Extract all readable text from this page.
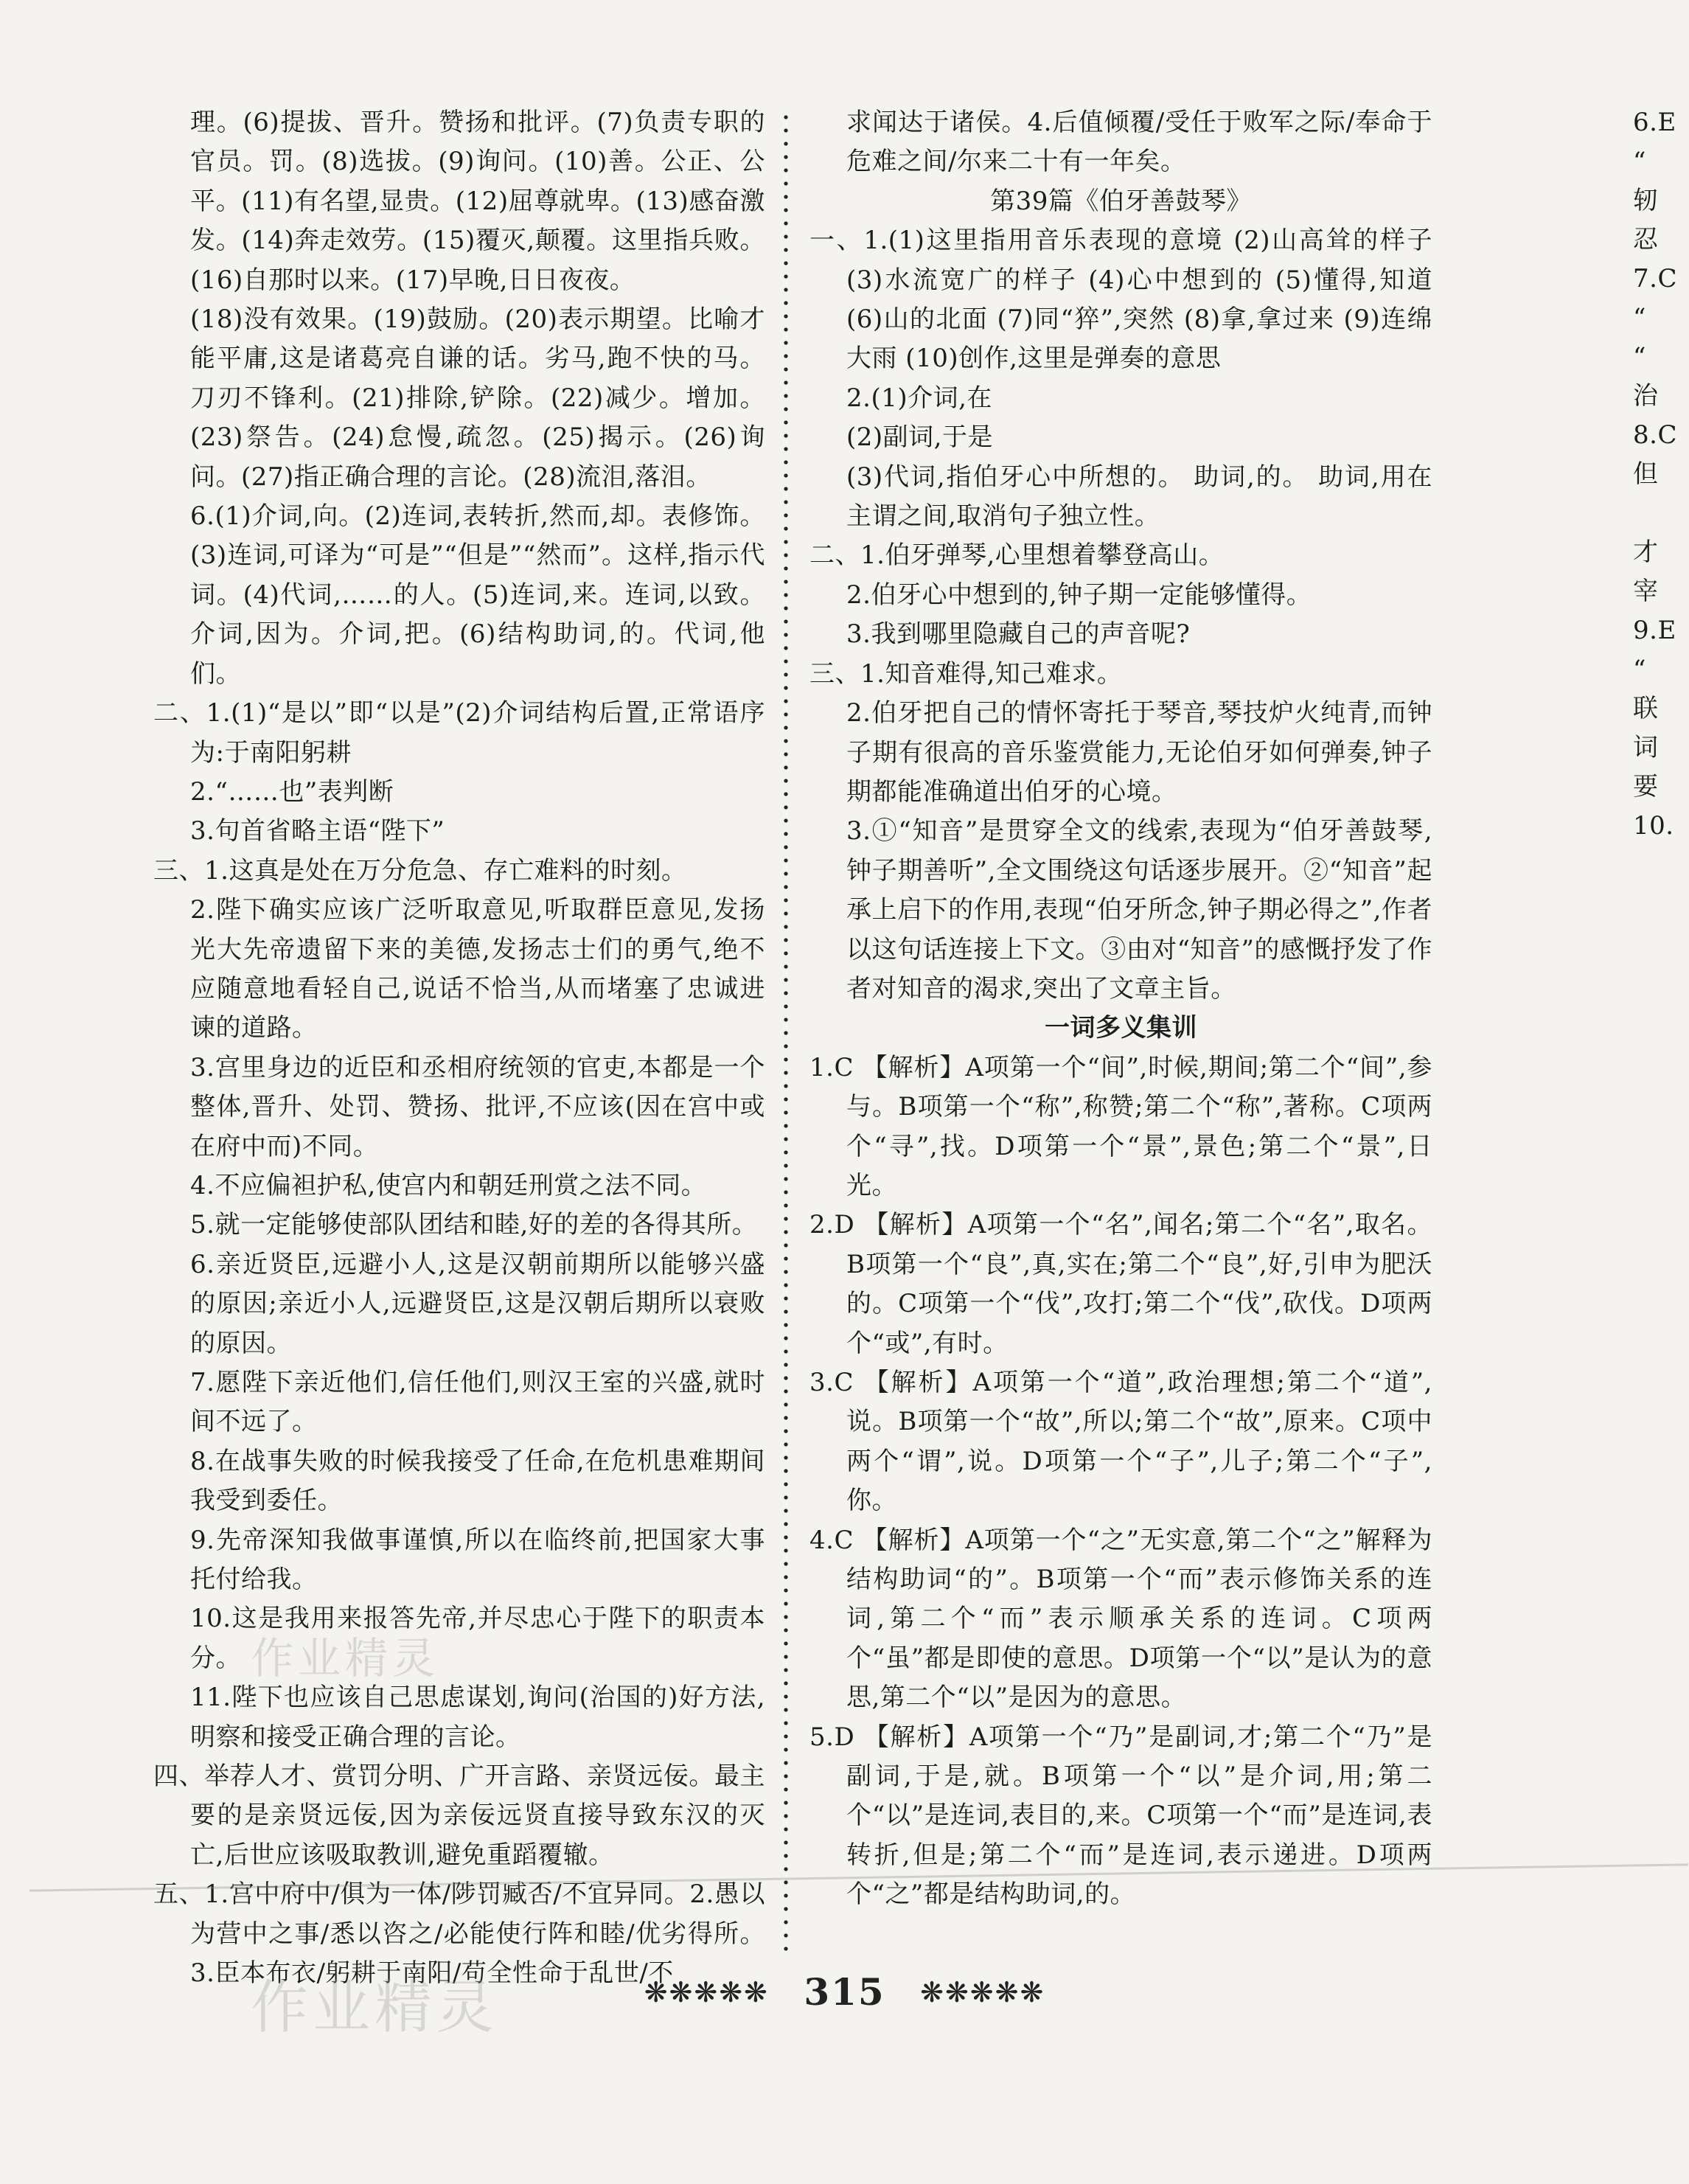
理。(6)提拔、晋升。赞扬和批评。(7)负责专职的官员。罚。(8)选拔。(9)询问。(10)善。公正、公平。(11)有名望,显贵。(12)屈尊就卑。(13)感奋激发。(14)奔走效劳。(15)覆灭,颠覆。这里指兵败。(16)自那时以来。(17)早晚,日日夜夜。

(18)没有效果。(19)鼓励。(20)表示期望。比喻才能平庸,这是诸葛亮自谦的话。劣马,跑不快的马。刀刃不锋利。(21)排除,铲除。(22)减少。增加。(23)祭告。(24)怠慢,疏忽。(25)揭示。(26)询问。(27)指正确合理的言论。(28)流泪,落泪。

6.(1)介词,向。(2)连词,表转折,然而,却。表修饰。(3)连词,可译为“可是”“但是”“然而”。这样,指示代词。(4)代词,……的人。(5)连词,来。连词,以致。介词,因为。介词,把。(6)结构助词,的。代词,他们。

二、1.(1)“是以”即“以是”(2)介词结构后置,正常语序为:于南阳躬耕

2.“……也”表判断

3.句首省略主语“陛下”

三、1.这真是处在万分危急、存亡难料的时刻。

2.陛下确实应该广泛听取意见,听取群臣意见,发扬光大先帝遗留下来的美德,发扬志士们的勇气,绝不应随意地看轻自己,说话不恰当,从而堵塞了忠诚进谏的道路。

3.宫里身边的近臣和丞相府统领的官吏,本都是一个整体,晋升、处罚、赞扬、批评,不应该(因在宫中或在府中而)不同。

4.不应偏袒护私,使宫内和朝廷刑赏之法不同。

5.就一定能够使部队团结和睦,好的差的各得其所。

6.亲近贤臣,远避小人,这是汉朝前期所以能够兴盛的原因;亲近小人,远避贤臣,这是汉朝后期所以衰败的原因。

7.愿陛下亲近他们,信任他们,则汉王室的兴盛,就时间不远了。

8.在战事失败的时候我接受了任命,在危机患难期间我受到委任。

9.先帝深知我做事谨慎,所以在临终前,把国家大事托付给我。

10.这是我用来报答先帝,并尽忠心于陛下的职责本分。

11.陛下也应该自己思虑谋划,询问(治国的)好方法,明察和接受正确合理的言论。

四、举荐人才、赏罚分明、广开言路、亲贤远佞。最主要的是亲贤远佞,因为亲佞远贤直接导致东汉的灭亡,后世应该吸取教训,避免重蹈覆辙。

五、1.宫中府中/俱为一体/陟罚臧否/不宜异同。2.愚以为营中之事/悉以咨之/必能使行阵和睦/优劣得所。3.臣本布衣/躬耕于南阳/苟全性命于乱世/不

求闻达于诸侯。4.后值倾覆/受任于败军之际/奉命于危难之间/尔来二十有一年矣。

第39篇《伯牙善鼓琴》

一、1.(1)这里指用音乐表现的意境 (2)山高耸的样子 (3)水流宽广的样子 (4)心中想到的 (5)懂得,知道 (6)山的北面 (7)同“猝”,突然 (8)拿,拿过来 (9)连绵大雨 (10)创作,这里是弹奏的意思

2.(1)介词,在

(2)副词,于是

(3)代词,指伯牙心中所想的。 助词,的。 助词,用在主谓之间,取消句子独立性。

二、1.伯牙弹琴,心里想着攀登高山。

2.伯牙心中想到的,钟子期一定能够懂得。

3.我到哪里隐藏自己的声音呢?

三、1.知音难得,知己难求。

2.伯牙把自己的情怀寄托于琴音,琴技炉火纯青,而钟子期有很高的音乐鉴赏能力,无论伯牙如何弹奏,钟子期都能准确道出伯牙的心境。

3.①“知音”是贯穿全文的线索,表现为“伯牙善鼓琴,钟子期善听”,全文围绕这句话逐步展开。②“知音”起承上启下的作用,表现“伯牙所念,钟子期必得之”,作者以这句话连接上下文。③由对“知音”的感慨抒发了作者对知音的渴求,突出了文章主旨。

一词多义集训

1.C 【解析】A项第一个“间”,时候,期间;第二个“间”,参与。B项第一个“称”,称赞;第二个“称”,著称。C项两个“寻”,找。D项第一个“景”,景色;第二个“景”,日光。

2.D 【解析】A项第一个“名”,闻名;第二个“名”,取名。B项第一个“良”,真,实在;第二个“良”,好,引申为肥沃的。C项第一个“伐”,攻打;第二个“伐”,砍伐。D项两个“或”,有时。

3.C 【解析】A项第一个“道”,政治理想;第二个“道”,说。B项第一个“故”,所以;第二个“故”,原来。C项中两个“谓”,说。D项第一个“子”,儿子;第二个“子”,你。

4.C 【解析】A项第一个“之”无实意,第二个“之”解释为结构助词“的”。B项第一个“而”表示修饰关系的连词,第二个“而”表示顺承关系的连词。C项两个“虽”都是即使的意思。D项第一个“以”是认为的意思,第二个“以”是因为的意思。

5.D 【解析】A项第一个“乃”是副词,才;第二个“乃”是副词,于是,就。B项第一个“以”是介词,用;第二个“以”是连词,表目的,来。C项第一个“而”是连词,表转折,但是;第二个“而”是连词,表示递进。D项两个“之”都是结构助词,的。

6.E
“
轫
忍
7.C
“
“
治
8.C
但
才
宰
9.E
“
联
词
要
10.
作业精灵
作业精灵	❋❋❋❋❋ 315 ❋❋❋❋❋
